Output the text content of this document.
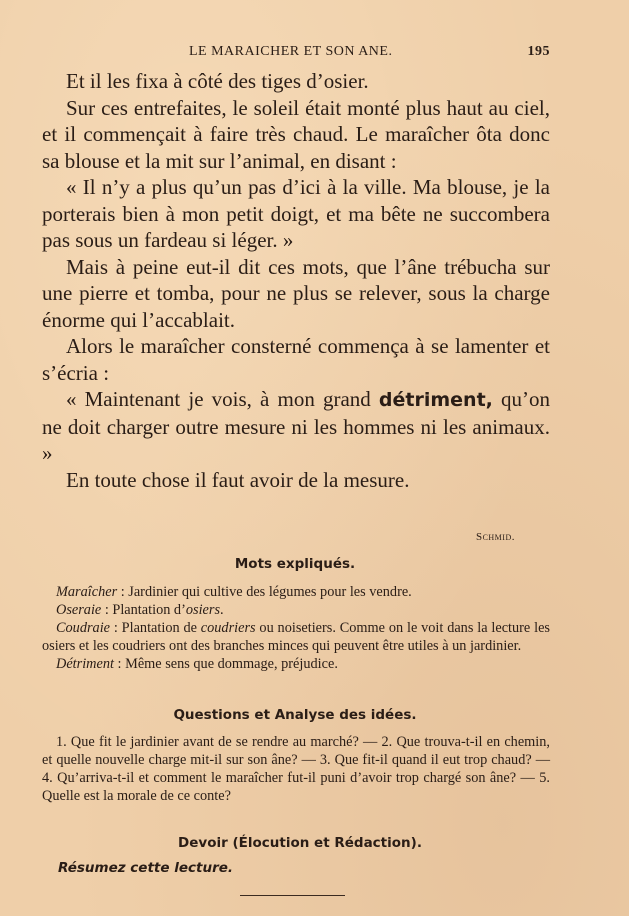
LE MARAICHER ET SON ANE.	195

Et il les fixa à côté des tiges d’osier.

Sur ces entrefaites, le soleil était monté plus haut au ciel, et il commençait à faire très chaud. Le maraîcher ôta donc sa blouse et la mit sur l’animal, en disant :

« Il n’y a plus qu’un pas d’ici à la ville. Ma blouse, je la porterais bien à mon petit doigt, et ma bête ne succombera pas sous un fardeau si léger. »

Mais à peine eut-il dit ces mots, que l’âne trébucha sur une pierre et tomba, pour ne plus se relever, sous la charge énorme qui l’accablait.

Alors le maraîcher consterné commença à se lamenter et s’écria :

« Maintenant je vois, à mon grand détriment, qu’on ne doit charger outre mesure ni les hommes ni les animaux. »

En toute chose il faut avoir de la mesure.

Schmid.
Mots expliqués.

Maraîcher : Jardinier qui cultive des légumes pour les vendre.

Oseraie : Plantation d’osiers.

Coudraie : Plantation de coudriers ou noisetiers. Comme on le voit dans la lecture les osiers et les coudriers ont des branches minces qui peuvent être utiles à un jardinier.

Détriment : Même sens que dommage, préjudice.

Questions et Analyse des idées.

1. Que fit le jardinier avant de se rendre au marché? — 2. Que trouva-t-il en chemin, et quelle nouvelle charge mit-il sur son âne? — 3. Que fit-il quand il eut trop chaud? — 4. Qu’arriva-t-il et comment le maraîcher fut-il puni d’avoir trop chargé son âne? — 5. Quelle est la morale de ce conte?

Devoir (Élocution et Rédaction).
Résumez cette lecture.
